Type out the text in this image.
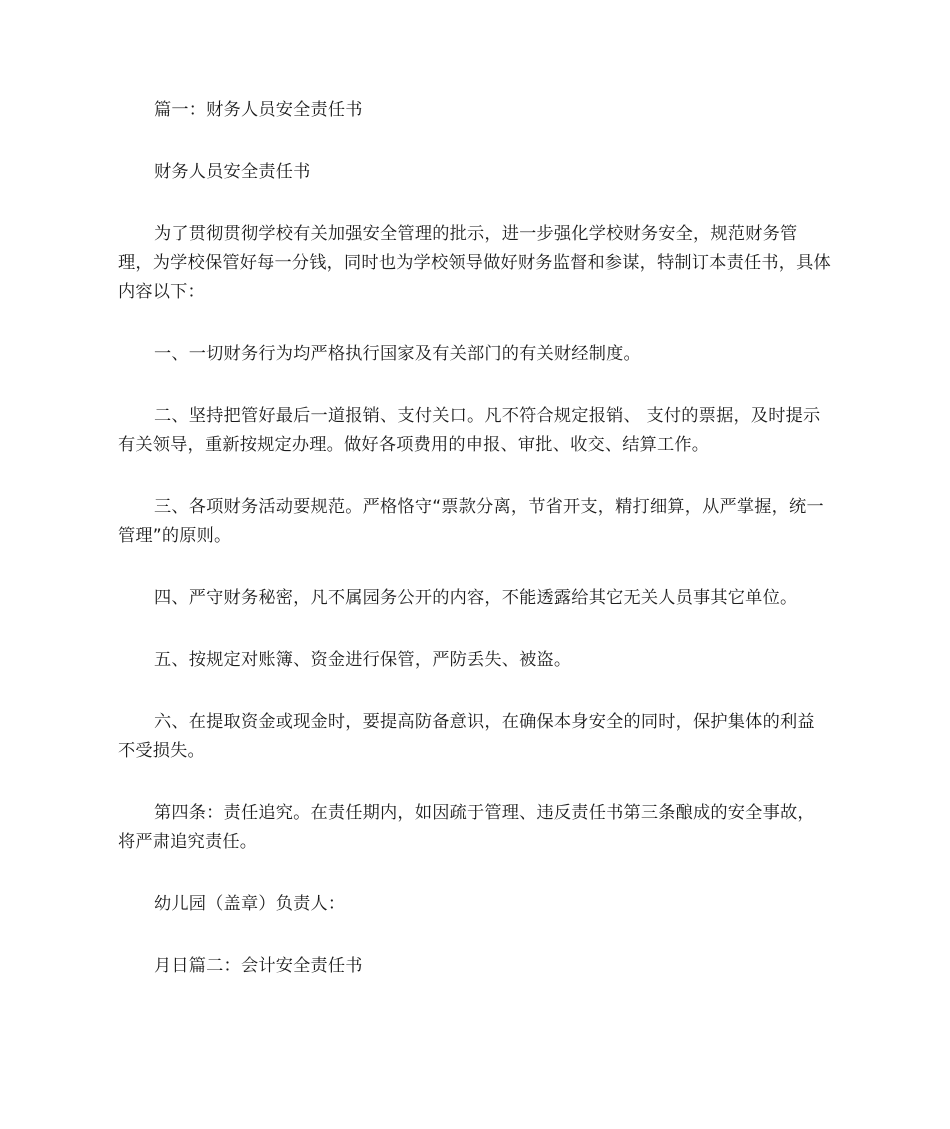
篇一：财务人员安全责任书

财务人员安全责任书

为了贯彻贯彻学校有关加强安全管理的批示，进一步强化学校财务安全，规范财务管理，为学校保管好每一分钱，同时也为学校领导做好财务监督和参谋，特制订本责任书，具体内容以下：

一、一切财务行为均严格执行国家及有关部门的有关财经制度。

二、坚持把管好最后一道报销、支付关口。凡不符合规定报销、 支付的票据，及时提示有关领导，重新按规定办理。做好各项费用的申报、审批、收交、结算工作。

三、各项财务活动要规范。严格恪守“票款分离，节省开支，精打细算，从严掌握，统一管理”的原则。

四、严守财务秘密，凡不属园务公开的内容，不能透露给其它无关人员事其它单位。

五、按规定对账簿、资金进行保管，严防丢失、被盗。

六、在提取资金或现金时，要提高防备意识，在确保本身安全的同时，保护集体的利益不受损失。

第四条：责任追究。在责任期内，如因疏于管理、违反责任书第三条酿成的安全事故，将严肃追究责任。

幼儿园（盖章）负责人：

月日篇二：会计安全责任书
